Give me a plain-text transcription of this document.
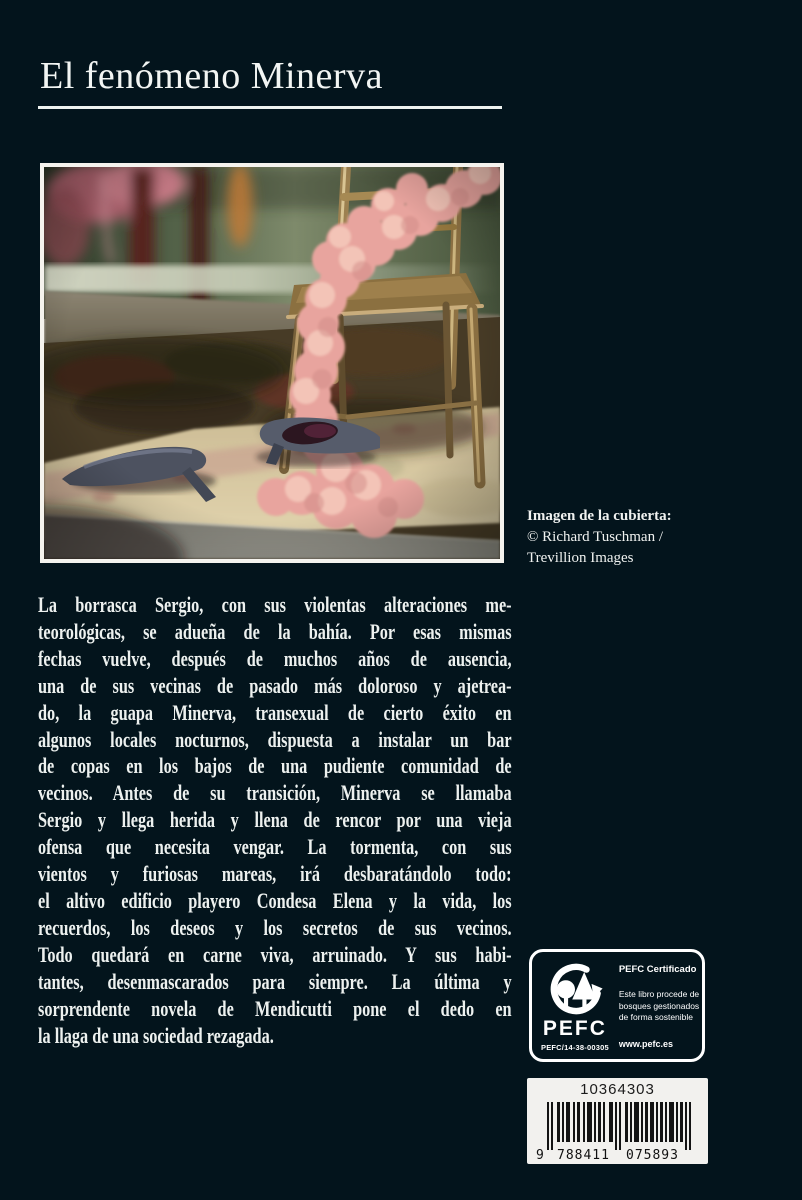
El fenómeno Minerva
Imagen de la cubierta:
© Richard Tuschman /
Trevillion Images
La borrasca Sergio, con sus violentas alteraciones me-
teorológicas, se adueña de la bahía. Por esas mismas
fechas vuelve, después de muchos años de ausencia,
una de sus vecinas de pasado más doloroso y ajetrea-
do, la guapa Minerva, transexual de cierto éxito en
algunos locales nocturnos, dispuesta a instalar un bar
de copas en los bajos de una pudiente comunidad de
vecinos. Antes de su transición, Minerva se llamaba
Sergio y llega herida y llena de rencor por una vieja
ofensa que necesita vengar. La tormenta, con sus
vientos y furiosas mareas, irá desbaratándolo todo:
el altivo edificio playero Condesa Elena y la vida, los
recuerdos, los deseos y los secretos de sus vecinos.
Todo quedará en carne viva, arruinado. Y sus habi-
tantes, desenmascarados para siempre. La última y
sorprendente novela de Mendicutti pone el dedo en
la llaga de una sociedad rezagada.	PEFC
PEFC/14-38-00305
PEFC Certificado
Este libro procede de bosques gestionados de forma sostenible
www.pefc.es
10364303
9 788411 075893
